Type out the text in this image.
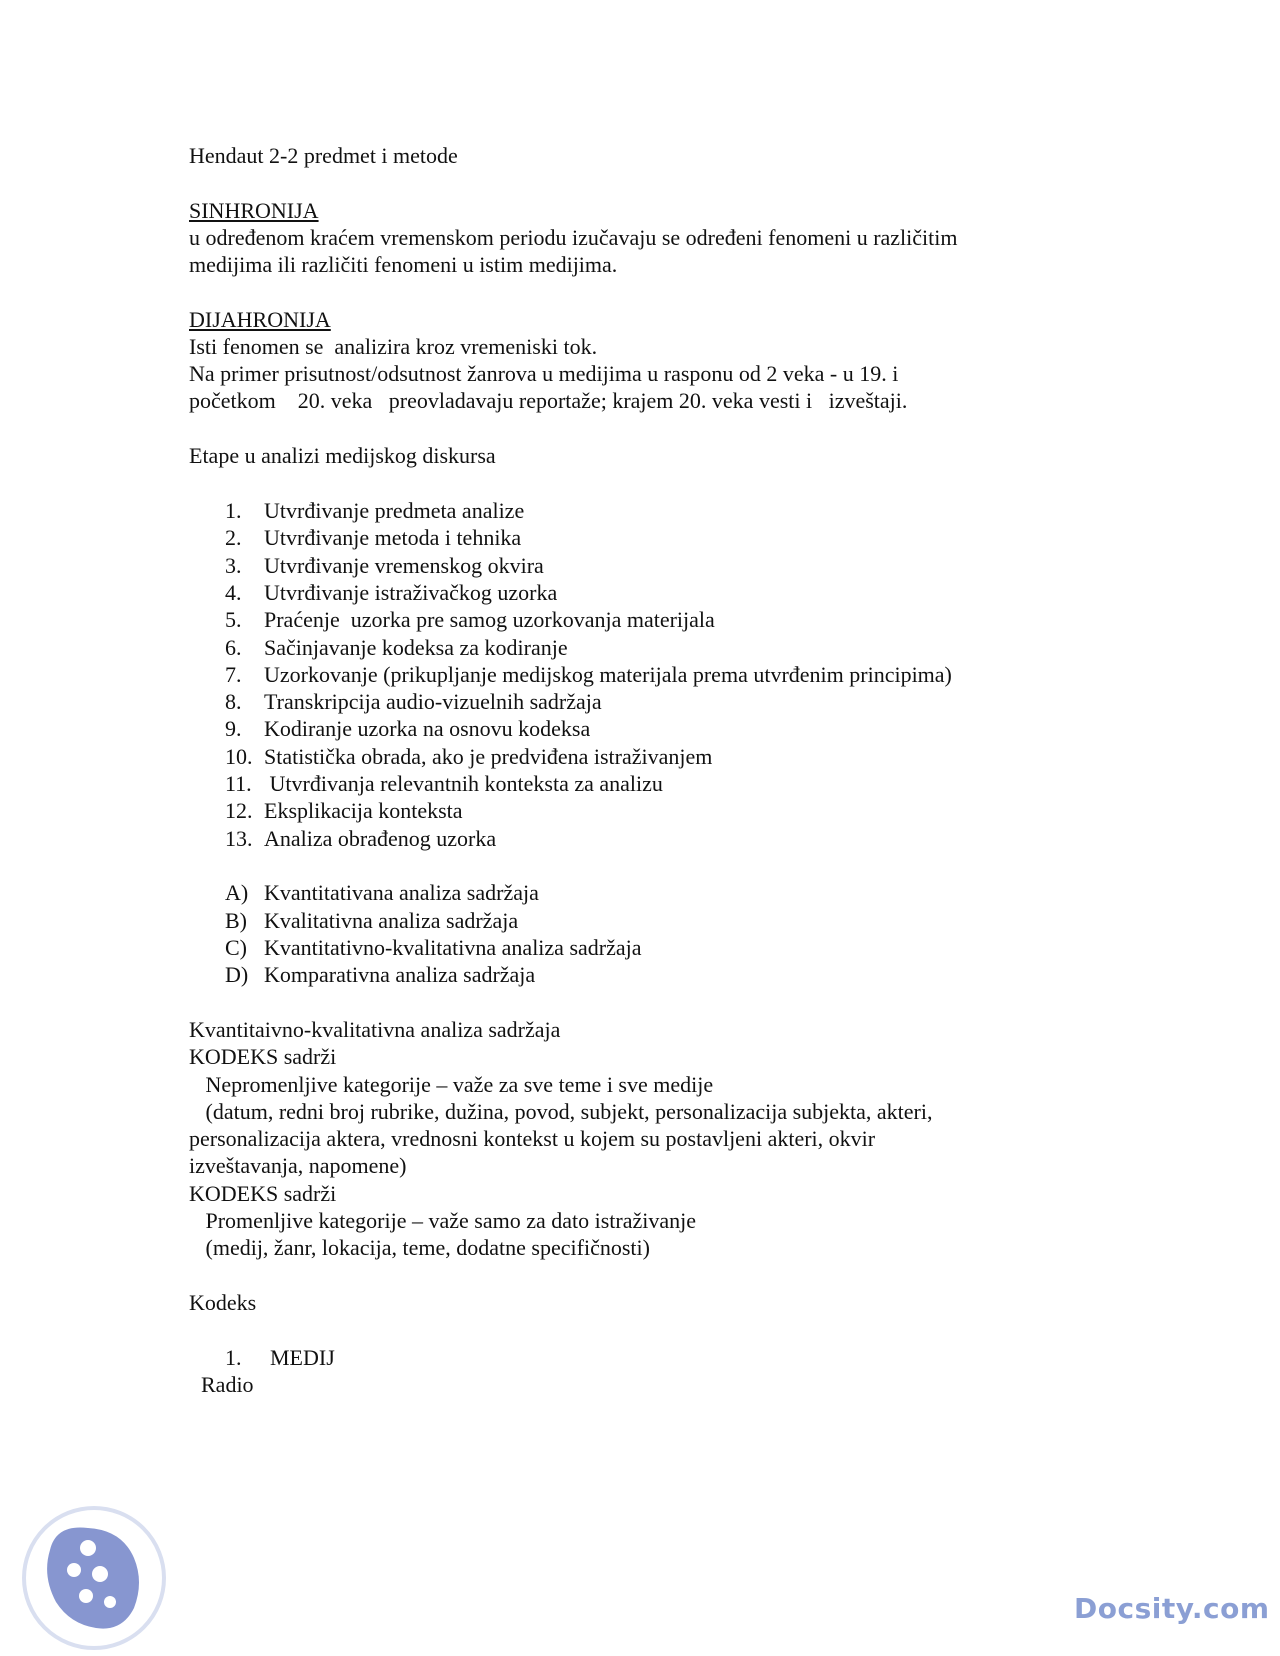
Hendaut 2-2 predmet i metode
SINHRONIJA
u određenom kraćem vremenskom periodu izučavaju se određeni fenomeni u različitim
medijima ili različiti fenomeni u istim medijima.
DIJAHRONIJA
Isti fenomen se  analizira kroz vremeniski tok.
Na primer prisutnost/odsutnost žanrova u medijima u rasponu od 2 veka - u 19. i
početkom    20. veka   preovladavaju reportaže; krajem 20. veka vesti i   izveštaji.
Etape u analizi medijskog diskursa
1. Utvrđivanje predmeta analize
2. Utvrđivanje metoda i tehnika
3. Utvrđivanje vremenskog okvira
4. Utvrđivanje istraživačkog uzorka
5. Praćenje  uzorka pre samog uzorkovanja materijala
6. Sačinjavanje kodeksa za kodiranje
7. Uzorkovanje (prikupljanje medijskog materijala prema utvrđenim principima)
8. Transkripcija audio-vizuelnih sadržaja
9. Kodiranje uzorka na osnovu kodeksa
10. Statistička obrada, ako je predviđena istraživanjem
11. Utvrđivanja relevantnih konteksta za analizu
12. Eksplikacija konteksta
13. Analiza obrađenog uzorka
A) Kvantitativana analiza sadržaja
B) Kvalitativna analiza sadržaja
C) Kvantitativno-kvalitativna analiza sadržaja
D) Komparativna analiza sadržaja
Kvantitaivno-kvalitativna analiza sadržaja
KODEKS sadrži
Nepromenljive kategorije – važe za sve teme i sve medije
(datum, redni broj rubrike, dužina, povod, subjekt, personalizacija subjekta, akteri,
personalizacija aktera, vrednosni kontekst u kojem su postavljeni akteri, okvir
izveštavanja, napomene)
KODEKS sadrži
Promenljive kategorije – važe samo za dato istraživanje
(medij, žanr, lokacija, teme, dodatne specifičnosti)
Kodeks
1. MEDIJ
Radio
Docsity.com
